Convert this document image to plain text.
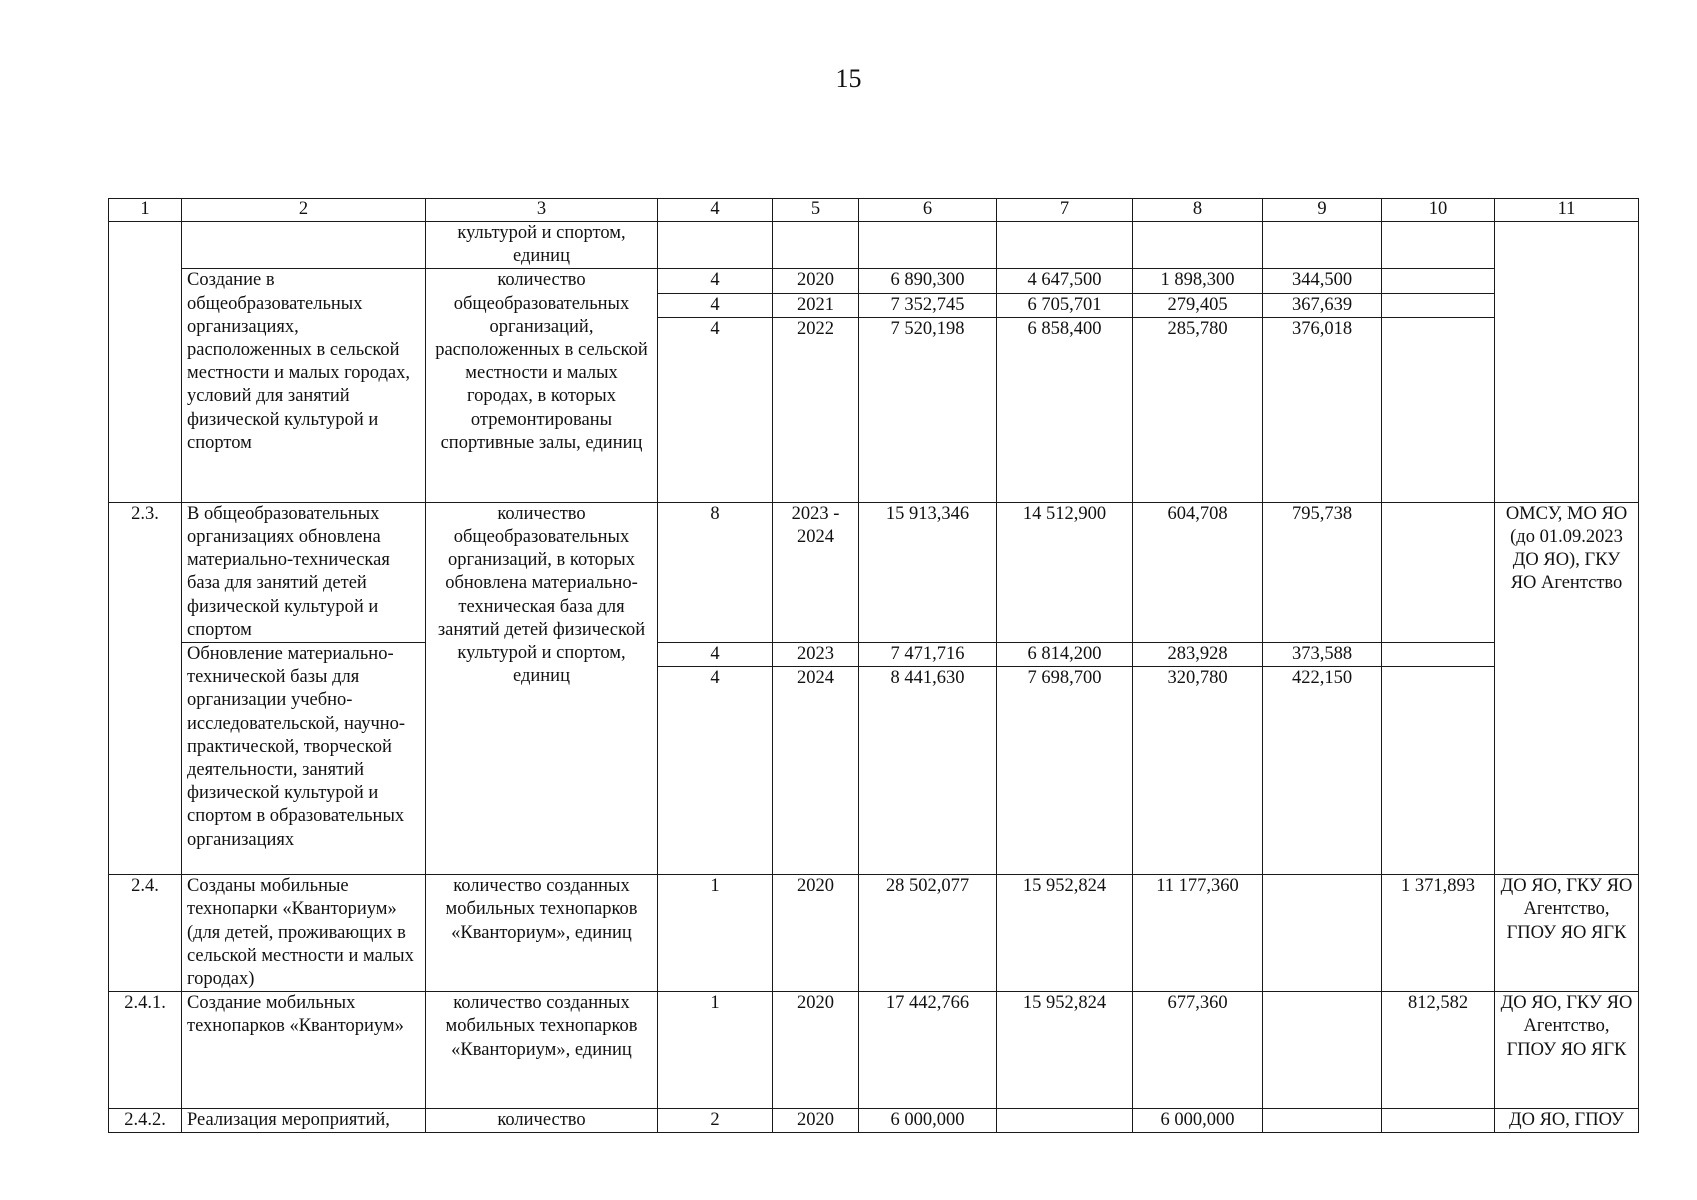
15
1	2	3	4	5	6	7	8	9	10	11
		культурой и спортом, единиц								
	Создание в общеобразовательных организациях, расположенных в сельской местности и малых городах, условий для занятий физической культурой и спортом	количество общеобразовательных организаций, расположенных в сельской местности и малых городах, в которых отремонтированы спортивные залы, единиц	4	2020	6 890,300	4 647,500	1 898,300	344,500		
			4	2021	7 352,745	6 705,701	279,405	367,639		
			4	2022	7 520,198	6 858,400	285,780	376,018		
2.3.	В общеобразовательных организациях обновлена материально-техническая база для занятий детей физической культурой и спортом	количество общеобразовательных организаций, в которых обновлена материально-техническая база для занятий детей физической культурой и спортом, единиц	8	2023 - 2024	15 913,346	14 512,900	604,708	795,738		ОМСУ, МО ЯО (до 01.09.2023 ДО ЯО), ГКУ ЯО Агентство
	Обновление материально-технической базы для организации учебно-исследовательской, научно-практической, творческой деятельности, занятий физической культурой и спортом в образовательных организациях		4	2023	7 471,716	6 814,200	283,928	373,588		
			4	2024	8 441,630	7 698,700	320,780	422,150		
2.4.	Созданы мобильные технопарки «Кванториум» (для детей, проживающих в сельской местности и малых городах)	количество созданных мобильных технопарков «Кванториум», единиц	1	2020	28 502,077	15 952,824	11 177,360		1 371,893	ДО ЯО, ГКУ ЯО Агентство, ГПОУ ЯО ЯГК
2.4.1.	Создание мобильных технопарков «Кванториум»	количество созданных мобильных технопарков «Кванториум», единиц	1	2020	17 442,766	15 952,824	677,360		812,582	ДО ЯО, ГКУ ЯО Агентство, ГПОУ ЯО ЯГК
2.4.2.	Реализация мероприятий,	количество	2	2020	6 000,000		6 000,000			ДО ЯО, ГПОУ
